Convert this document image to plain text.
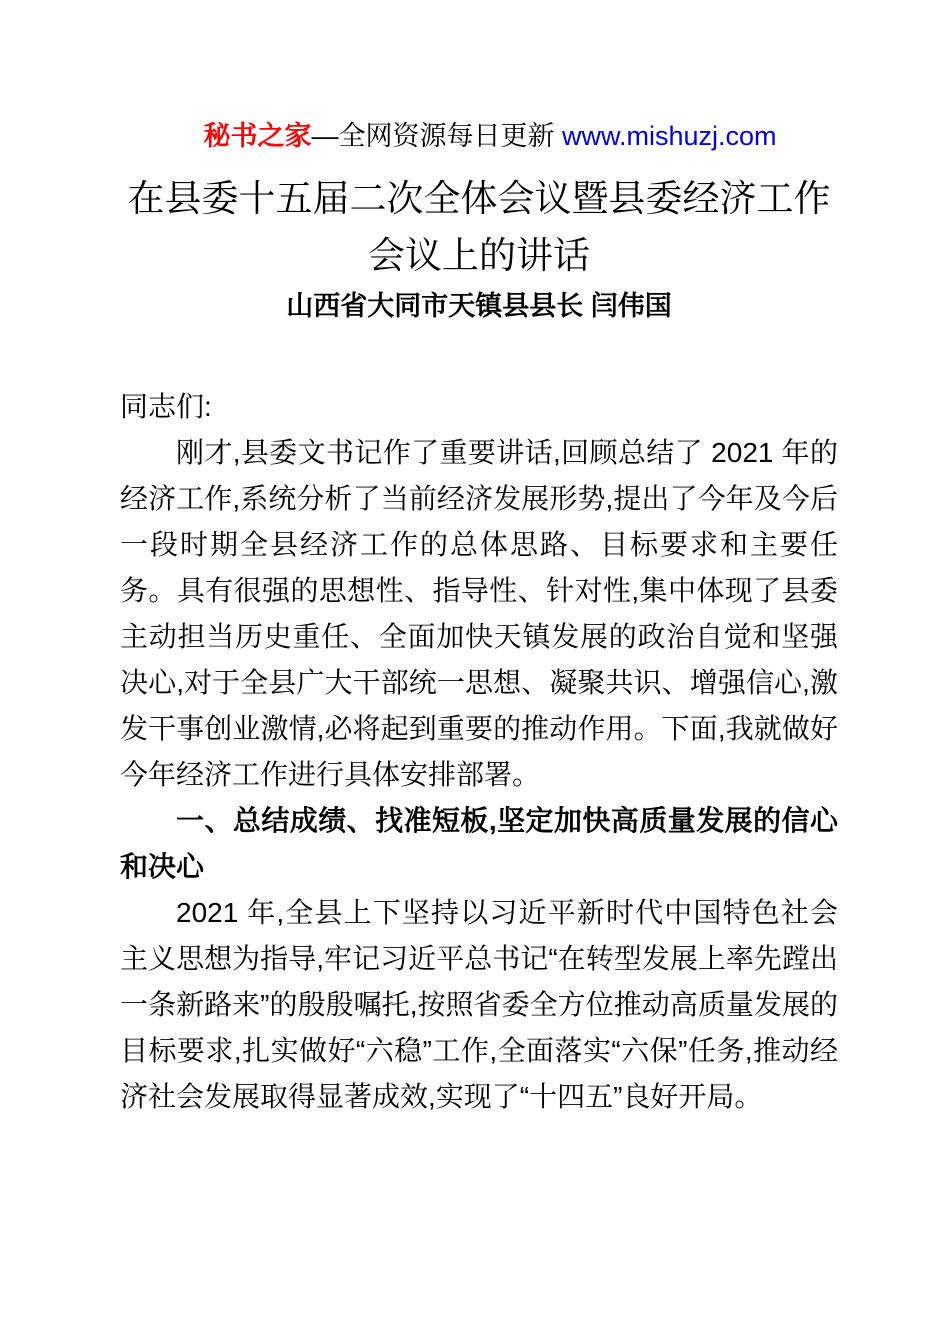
秘书之家—全网资源每日更新 www.mishuzj.com

在县委十五届二次全体会议暨县委经济工作会议上的讲话
山西省大同市天镇县县长 闫伟国

同志们:

刚才,县委文书记作了重要讲话,回顾总结了 2021 年的经济工作,系统分析了当前经济发展形势,提出了今年及今后一段时期全县经济工作的总体思路、目标要求和主要任务。具有很强的思想性、指导性、针对性,集中体现了县委主动担当历史重任、全面加快天镇发展的政治自觉和坚强决心,对于全县广大干部统一思想、凝聚共识、增强信心,激发干事创业激情,必将起到重要的推动作用。下面,我就做好今年经济工作进行具体安排部署。

一、总结成绩、找准短板,坚定加快高质量发展的信心和决心

2021 年,全县上下坚持以习近平新时代中国特色社会主义思想为指导,牢记习近平总书记“在转型发展上率先蹚出一条新路来”的殷殷嘱托,按照省委全方位推动高质量发展的目标要求,扎实做好“六稳”工作,全面落实“六保”任务,推动经济社会发展取得显著成效,实现了“十四五”良好开局。
